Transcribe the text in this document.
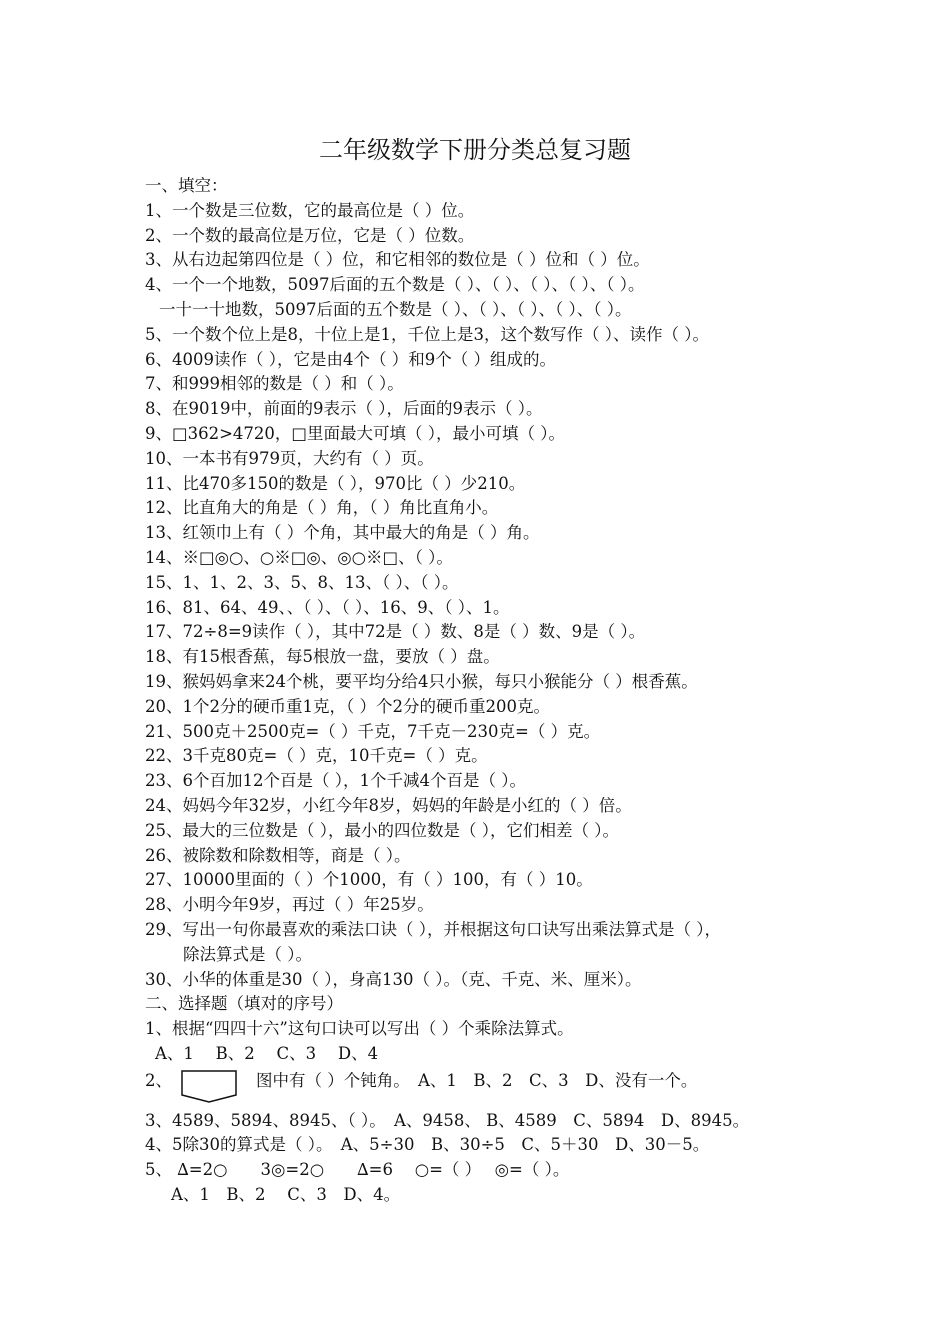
二年级数学下册分类总复习题
一、填空：
1、一个数是三位数，它的最高位是（ ）位。
2、一个数的最高位是万位，它是（ ）位数。
3、从右边起第四位是（ ）位，和它相邻的数位是（ ）位和（ ）位。
4、一个一个地数，5097后面的五个数是（ ）、（ ）、（ ）、（ ）、（ ）。
一十一十地数，5097后面的五个数是（ ）、（ ）、（ ）、（ ）、（ ）。
5、一个数个位上是8，十位上是1，千位上是3，这个数写作（ ）、读作（ ）。
6、4009读作（ ），它是由4个（ ）和9个（ ）组成的。
7、和999相邻的数是（ ）和（ ）。
8、在9019中，前面的9表示（ ），后面的9表示（ ）。
9、□362>4720，□里面最大可填（ ），最小可填（ ）。
10、一本书有979页，大约有（ ）页。
11、比470多150的数是（ ），970比（ ）少210。
12、比直角大的角是（ ）角，（ ）角比直角小。
13、红领巾上有（ ）个角，其中最大的角是（ ）角。
14、※□◎○、○※□◎、◎○※□、（ ）。
15、1、1、2、3、5、8、13、（ ）、（ ）。
16、81、64、49、、（ ）、（ ）、16、9、（ ）、1。
17、72÷8=9读作（ ），其中72是（ ）数、8是（ ）数、9是（ ）。
18、有15根香蕉，每5根放一盘，要放（ ）盘。
19、猴妈妈拿来24个桃，要平均分给4只小猴，每只小猴能分（ ）根香蕉。
20、1个2分的硬币重1克，（ ）个2分的硬币重200克。
21、500克＋2500克=（ ）千克，7千克－230克=（ ）克。
22、3千克80克=（ ）克，10千克=（ ）克。
23、6个百加12个百是（ ），1个千减4个百是（ ）。
24、妈妈今年32岁，小红今年8岁，妈妈的年龄是小红的（ ）倍。
25、最大的三位数是（ ），最小的四位数是（ ），它们相差（ ）。
26、被除数和除数相等，商是（ ）。
27、10000里面的（ ）个1000，有（ ）100，有（ ）10。
28、小明今年9岁，再过（ ）年25岁。
29、写出一句你最喜欢的乘法口诀（ ），并根据这句口诀写出乘法算式是（ ），
除法算式是（ ）。
30、小华的体重是30（ ），身高130（ ）。（克、千克、米、厘米）。
二、选择题（填对的序号）
1、根据“四四十六”这句口诀可以写出（ ）个乘除法算式。
A、1　 B、2　 C、3　 D、4
2、	图中有（ ）个钝角。　A、1　B、2　C、3　D、没有一个。
3、4589、5894、8945、（ ）。　A、9458、 B、4589　C、5894　D、8945。
4、5除30的算式是（ ）。　A、5÷30　B、30÷5　C、5＋30　D、30－5。
5、 ∆=2○　　3◎=2○　　∆=6　 ○=（ ）　 ◎=（ ）。
A、1　B、2　 C、3　D、4。
